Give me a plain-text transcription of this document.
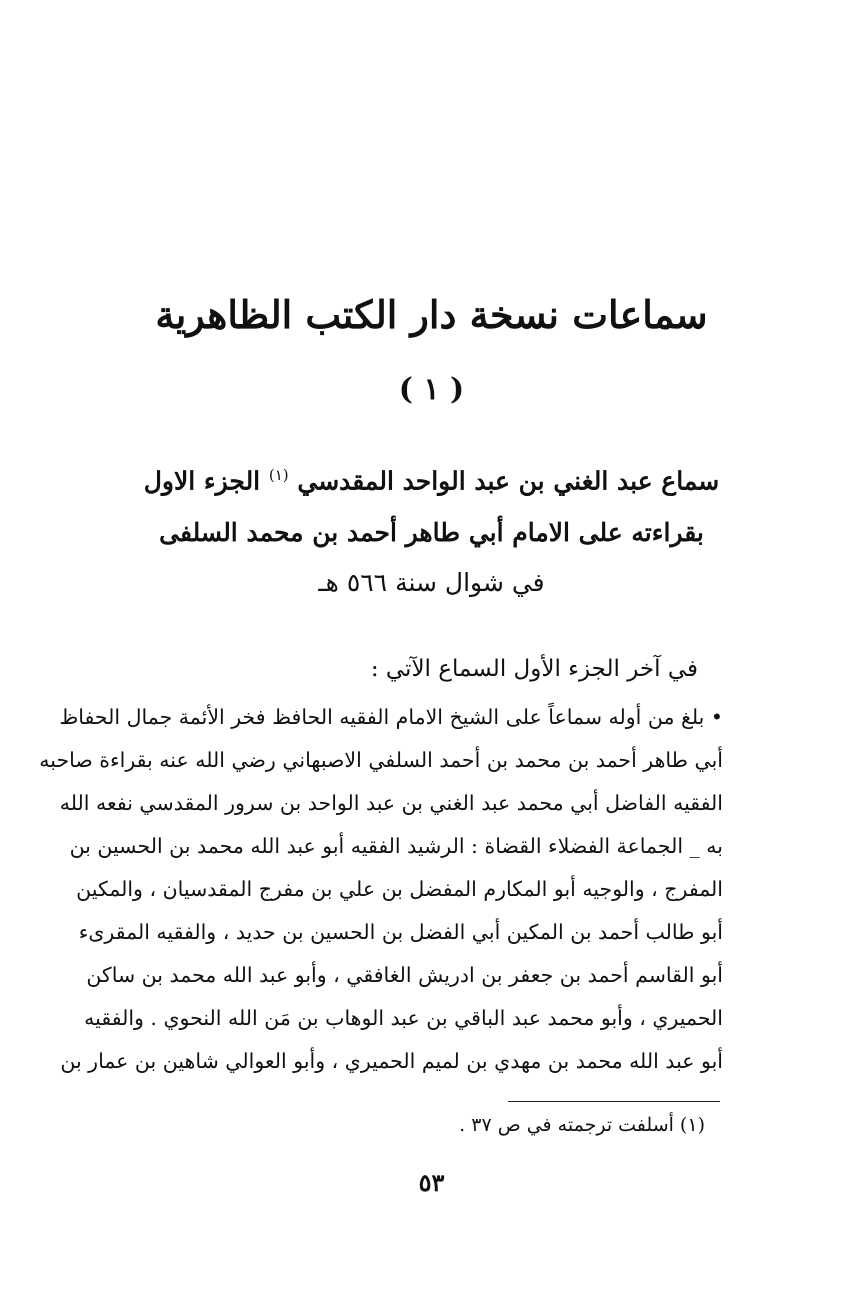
سماعات نسخة دار الكتب الظاهرية
( ١ )
سماع عبد الغني بن عبد الواحد المقدسي $^{(١)}$ الجزء الاول
بقراءته على الامام أبي طاهر أحمد بن محمد السلفى
في شوال سنة ٥٦٦ هـ

في آخر الجزء الأول السماع الآتي :

• بلغ من أوله سماعاً على الشيخ الامام الفقيه الحافظ فخر الأئمة جمال الحفاظ

أبي طاهر أحمد بن محمد بن أحمد السلفي الاصبهاني رضي الله عنه بقراءة صاحبه

الفقيه الفاضل أبي محمد عبد الغني بن عبد الواحد بن سرور المقدسي نفعه الله

به _ الجماعة الفضلاء القضاة : الرشيد الفقيه أبو عبد الله محمد بن الحسين بن

المفرج ، والوجيه أبو المكارم المفضل بن علي بن مفرج المقدسيان ، والمكين

أبو طالب أحمد بن المكين أبي الفضل بن الحسين بن حديد ، والفقيه المقرىء

أبو القاسم أحمد بن جعفر بن ادريش الغافقي ، وأبو عبد الله محمد بن ساكن

الحميري ، وأبو محمد عبد الباقي بن عبد الوهاب بن مَن الله النحوي . والفقيه

أبو عبد الله محمد بن مهدي بن لميم الحميري ، وأبو العوالي شاهين بن عمار بن

(١) أسلفت ترجمته في ص ٣٧ .

٥٣
